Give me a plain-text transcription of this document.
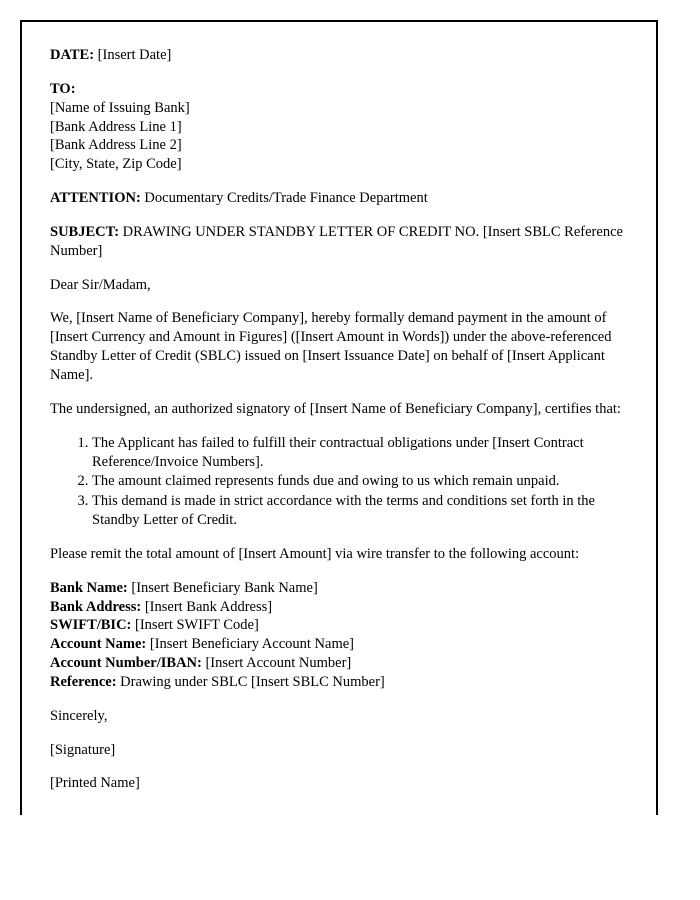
DATE: [Insert Date]

TO:

[Name of Issuing Bank]

[Bank Address Line 1]

[Bank Address Line 2]

[City, State, Zip Code]

ATTENTION: Documentary Credits/Trade Finance Department

SUBJECT: DRAWING UNDER STANDBY LETTER OF CREDIT NO. [Insert SBLC Reference Number]

Dear Sir/Madam,

We, [Insert Name of Beneficiary Company], hereby formally demand payment in the amount of [Insert Currency and Amount in Figures] ([Insert Amount in Words]) under the above-referenced Standby Letter of Credit (SBLC) issued on [Insert Issuance Date] on behalf of [Insert Applicant Name].

The undersigned, an authorized signatory of [Insert Name of Beneficiary Company], certifies that:

1. The Applicant has failed to fulfill their contractual obligations under [Insert Contract Reference/Invoice Numbers].
2. The amount claimed represents funds due and owing to us which remain unpaid.
3. This demand is made in strict accordance with the terms and conditions set forth in the Standby Letter of Credit.

Please remit the total amount of [Insert Amount] via wire transfer to the following account:

Bank Name: [Insert Beneficiary Bank Name]

Bank Address: [Insert Bank Address]

SWIFT/BIC: [Insert SWIFT Code]

Account Name: [Insert Beneficiary Account Name]

Account Number/IBAN: [Insert Account Number]

Reference: Drawing under SBLC [Insert SBLC Number]

Sincerely,

[Signature]

[Printed Name]
